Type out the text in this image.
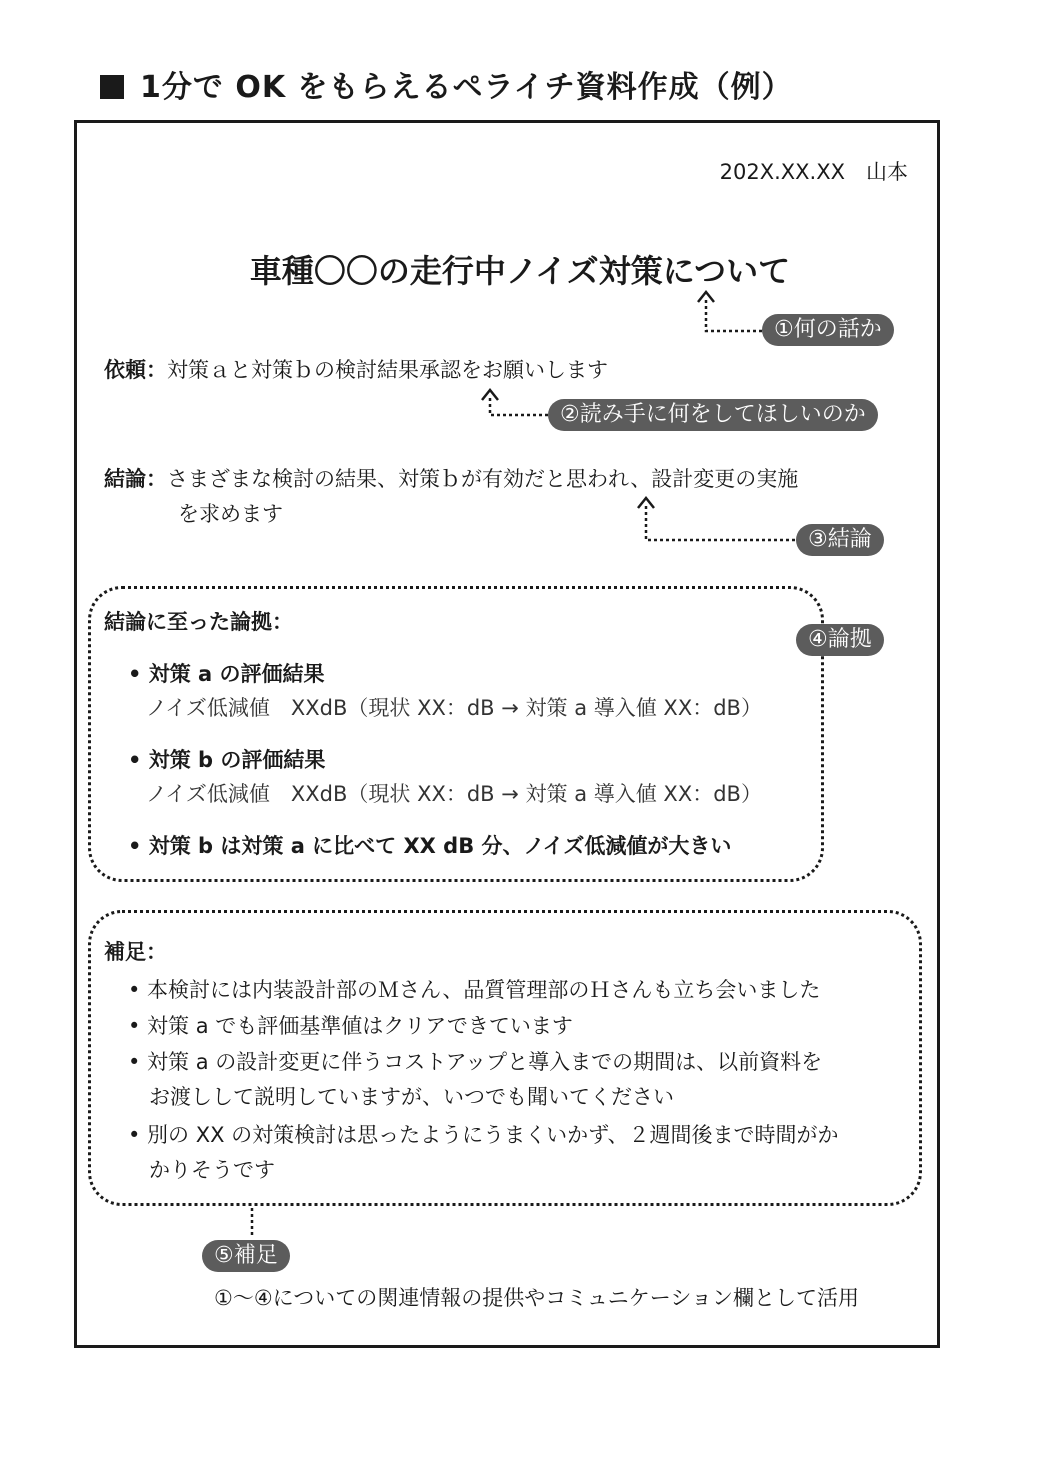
1分で OK をもらえるペライチ資料作成（例）
202X.XX.XX　山本
車種〇〇の走行中ノイズ対策について
①何の話か
依頼：対策ａと対策ｂの検討結果承認をお願いします
②読み手に何をしてほしいのか
結論：さまざまな検討の結果、対策ｂが有効だと思われ、設計変更の実施
を求めます
③結論
結論に至った論拠：
④論拠
• 対策 a の評価結果
ノイズ低減値　XXdB（現状 XX：dB → 対策 a 導入値 XX：dB）
• 対策 b の評価結果
ノイズ低減値　XXdB（現状 XX：dB → 対策 a 導入値 XX：dB）
• 対策 b は対策 a に比べて XX dB 分、ノイズ低減値が大きい
補足：
• 本検討には内装設計部のＭさん、品質管理部のＨさんも立ち会いました
• 対策 a でも評価基準値はクリアできています
• 対策 a の設計変更に伴うコストアップと導入までの期間は、以前資料を
　お渡しして説明していますが、いつでも聞いてください
• 別の XX の対策検討は思ったようにうまくいかず、２週間後まで時間がか
　かりそうです
⑤補足
①～④についての関連情報の提供やコミュニケーション欄として活用
